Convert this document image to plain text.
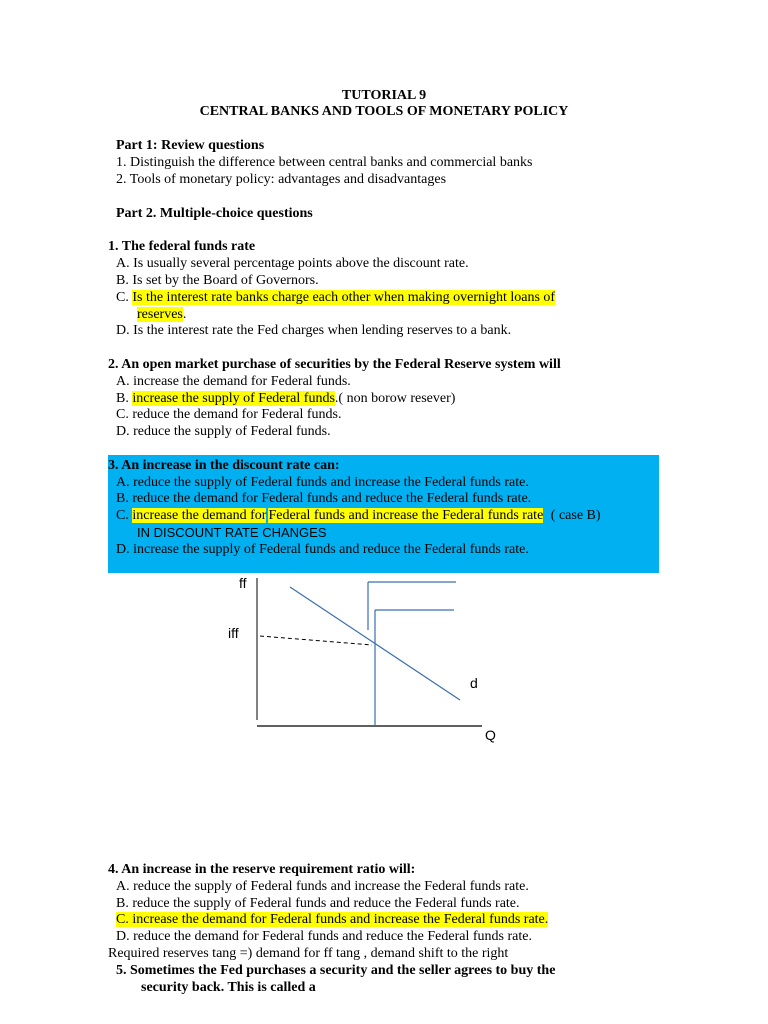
TUTORIAL 9
CENTRAL BANKS AND TOOLS OF MONETARY POLICY
Part 1: Review questions
1. Distinguish the difference between central banks and commercial banks
2. Tools of monetary policy: advantages and disadvantages
Part 2. Multiple-choice questions
1. The federal funds rate
A. Is usually several percentage points above the discount rate.
B. Is set by the Board of Governors.
C. Is the interest rate banks charge each other when making overnight loans of
reserves.
D. Is the interest rate the Fed charges when lending reserves to a bank.
2. An open market purchase of securities by the Federal Reserve system will
A. increase the demand for Federal funds.
B. increase the supply of Federal funds.( non borow resever)
C. reduce the demand for Federal funds.
D. reduce the supply of Federal funds.
3. An increase in the discount rate can:
A. reduce the supply of Federal funds and increase the Federal funds rate.
B. reduce the demand for Federal funds and reduce the Federal funds rate.
C. increase the demand for Federal funds and increase the Federal funds rate ( case B)
IN DISCOUNT RATE CHANGES
D. increase the supply of Federal funds and reduce the Federal funds rate.
ff
iff
d
Q
4. An increase in the reserve requirement ratio will:
A. reduce the supply of Federal funds and increase the Federal funds rate.
B. reduce the supply of Federal funds and reduce the Federal funds rate.
C. increase the demand for Federal funds and increase the Federal funds rate.
D. reduce the demand for Federal funds and reduce the Federal funds rate.
Required reserves tang =) demand for ff tang , demand shift to the right
5. Sometimes the Fed purchases a security and the seller agrees to buy the
security back. This is called a
